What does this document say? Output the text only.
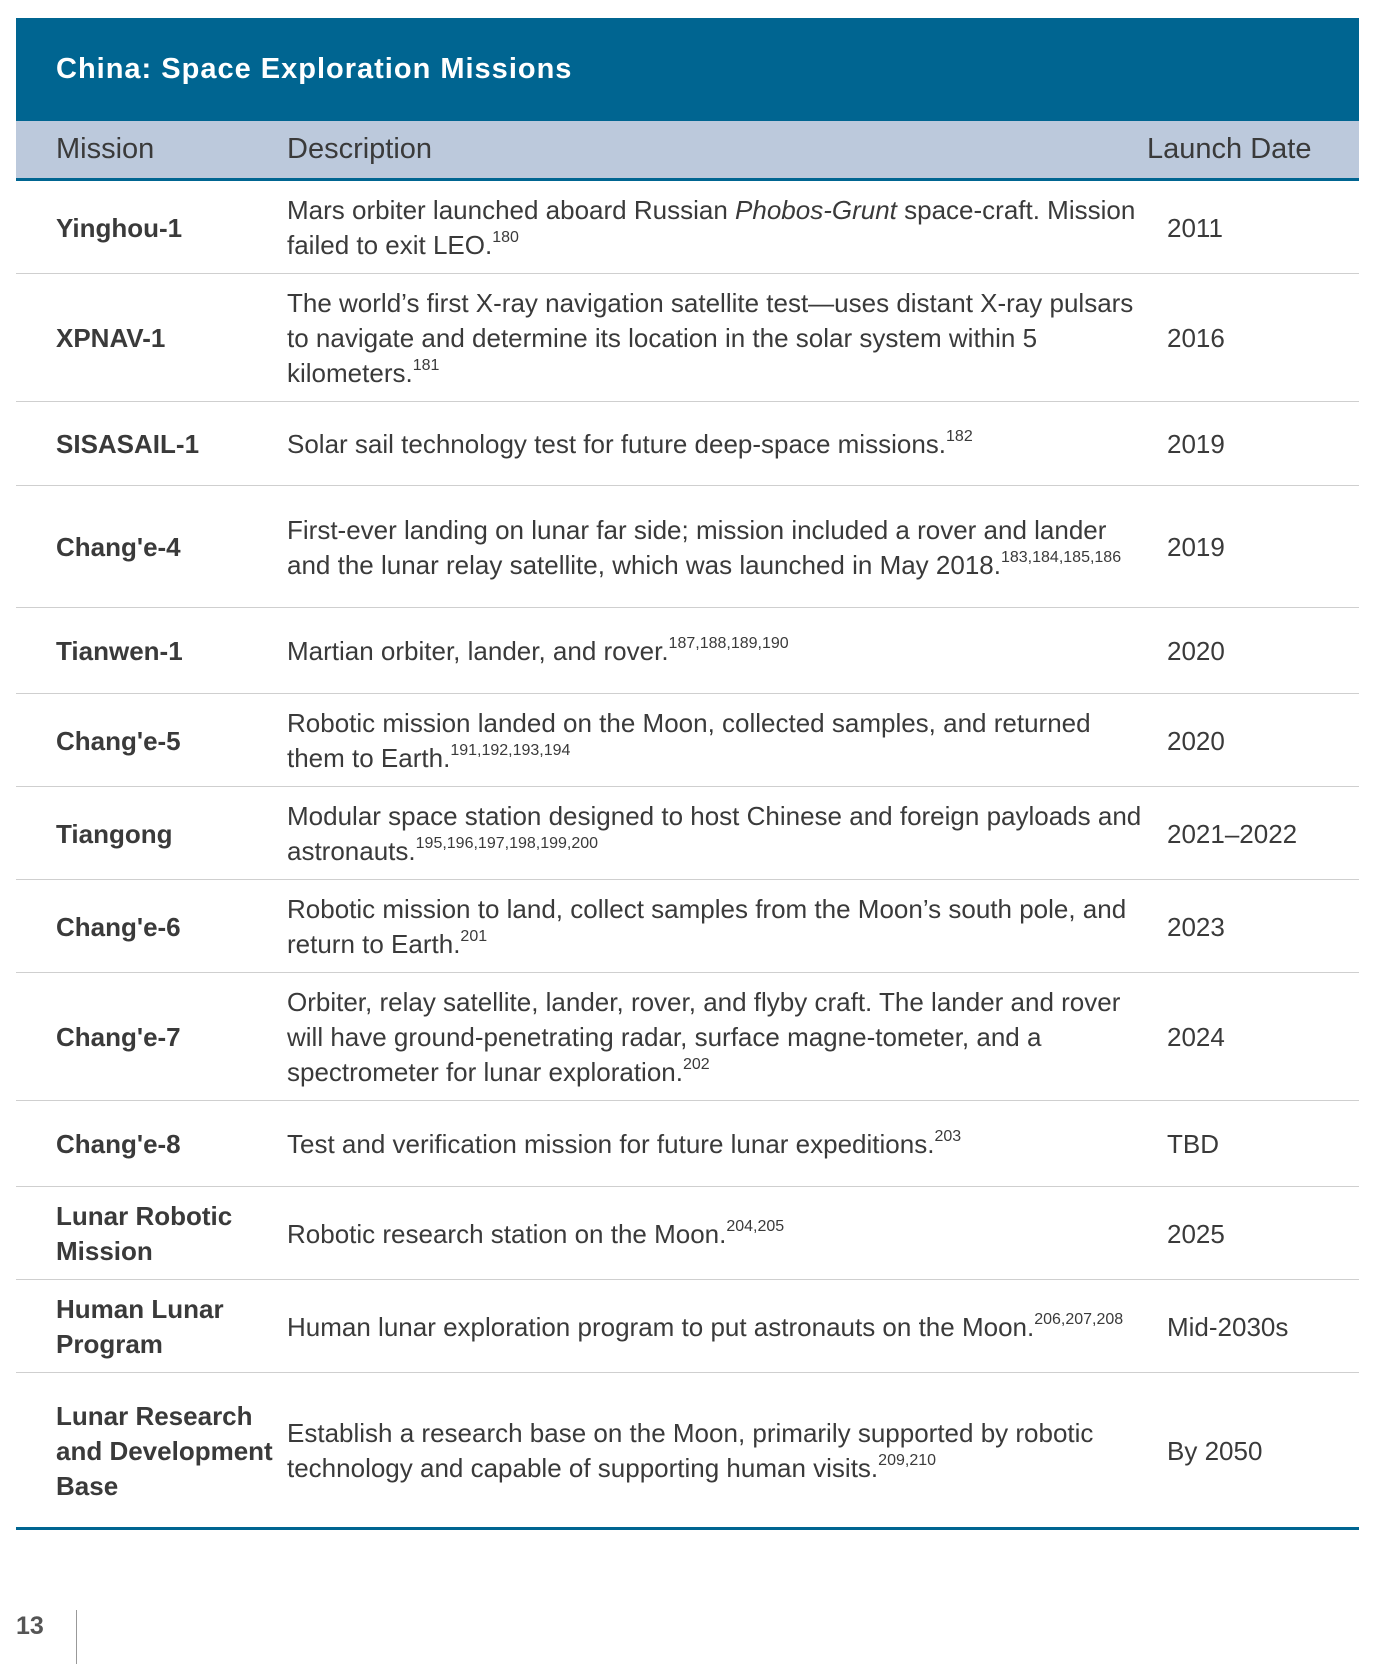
China: Space Exploration Missions
Mission	Description	Launch Date
Yinghou-1	Mars orbiter launched aboard Russian Phobos-Grunt space-craft. Mission failed to exit LEO.$^{180}$	2011
XPNAV-1	The world’s first X-ray navigation satellite test—uses distant X-ray pulsars to navigate and determine its location in the solar system within 5 kilometers.$^{181}$	2016
SISASAIL-1	Solar sail technology test for future deep-space missions.$^{182}$	2019
Chang'e-4	First-ever landing on lunar far side; mission included a rover and lander and the lunar relay satellite, which was launched in May 2018.$^{183,184,185,186}$	2019
Tianwen-1	Martian orbiter, lander, and rover.$^{187,188,189,190}$	2020
Chang'e-5	Robotic mission landed on the Moon, collected samples, and returned them to Earth.$^{191,192,193,194}$	2020
Tiangong	Modular space station designed to host Chinese and foreign payloads and astronauts.$^{195,196,197,198,199,200}$	2021–2022
Chang'e-6	Robotic mission to land, collect samples from the Moon’s south pole, and return to Earth.$^{201}$	2023
Chang'e-7	Orbiter, relay satellite, lander, rover, and flyby craft. The lander and rover will have ground-penetrating radar, surface magne-tometer, and a spectrometer for lunar exploration.$^{202}$	2024
Chang'e-8	Test and verification mission for future lunar expeditions.$^{203}$	TBD
Lunar Robotic Mission	Robotic research station on the Moon.$^{204,205}$	2025
Human Lunar Program	Human lunar exploration program to put astronauts on the Moon.$^{206,207,208}$	Mid-2030s
Lunar Research and Development Base	Establish a research base on the Moon, primarily supported by robotic technology and capable of supporting human visits.$^{209,210}$	By 2050
13
